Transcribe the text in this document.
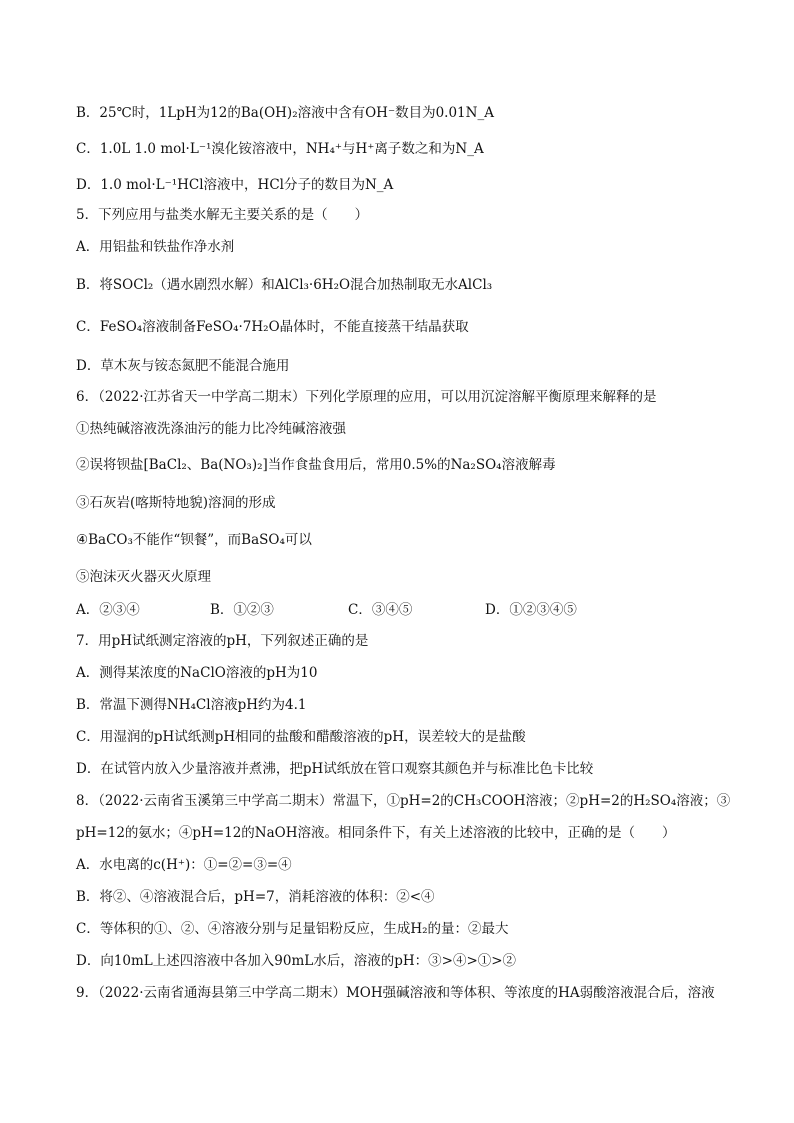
B．25℃时，1LpH为12的Ba(OH)₂溶液中含有OH⁻数目为0.01N_A
C．1.0L 1.0 mol·L⁻¹溴化铵溶液中，NH₄⁺与H⁺离子数之和为N_A
D．1.0 mol·L⁻¹HCl溶液中，HCl分子的数目为N_A
5．下列应用与盐类水解无主要关系的是（　　）
A．用铝盐和铁盐作净水剂
B．将SOCl₂（遇水剧烈水解）和AlCl₃·6H₂O混合加热制取无水AlCl₃
C．FeSO₄溶液制备FeSO₄·7H₂O晶体时，不能直接蒸干结晶获取
D．草木灰与铵态氮肥不能混合施用
6．（2022·江苏省天一中学高二期末）下列化学原理的应用，可以用沉淀溶解平衡原理来解释的是
①热纯碱溶液洗涤油污的能力比冷纯碱溶液强
②误将钡盐[BaCl₂、Ba(NO₃)₂]当作食盐食用后，常用0.5%的Na₂SO₄溶液解毒
③石灰岩(喀斯特地貌)溶洞的形成
④BaCO₃不能作“钡餐”，而BaSO₄可以
⑤泡沫灭火器灭火原理
A．②③④	B．①②③	C．③④⑤	D．①②③④⑤
7．用pH试纸测定溶液的pH，下列叙述正确的是
A．测得某浓度的NaClO溶液的pH为10
B．常温下测得NH₄Cl溶液pH约为4.1
C．用湿润的pH试纸测pH相同的盐酸和醋酸溶液的pH，误差较大的是盐酸
D．在试管内放入少量溶液并煮沸，把pH试纸放在管口观察其颜色并与标准比色卡比较
8．（2022·云南省玉溪第三中学高二期末）常温下，①pH=2的CH₃COOH溶液；②pH=2的H₂SO₄溶液；③
pH=12的氨水；④pH=12的NaOH溶液。相同条件下，有关上述溶液的比较中，正确的是（　　）
A．水电离的c(H⁺)：①=②=③=④
B．将②、④溶液混合后，pH=7，消耗溶液的体积：②<④
C．等体积的①、②、④溶液分别与足量铝粉反应，生成H₂的量：②最大
D．向10mL上述四溶液中各加入90mL水后，溶液的pH：③>④>①>②
9．（2022·云南省通海县第三中学高二期末）MOH强碱溶液和等体积、等浓度的HA弱酸溶液混合后，溶液
